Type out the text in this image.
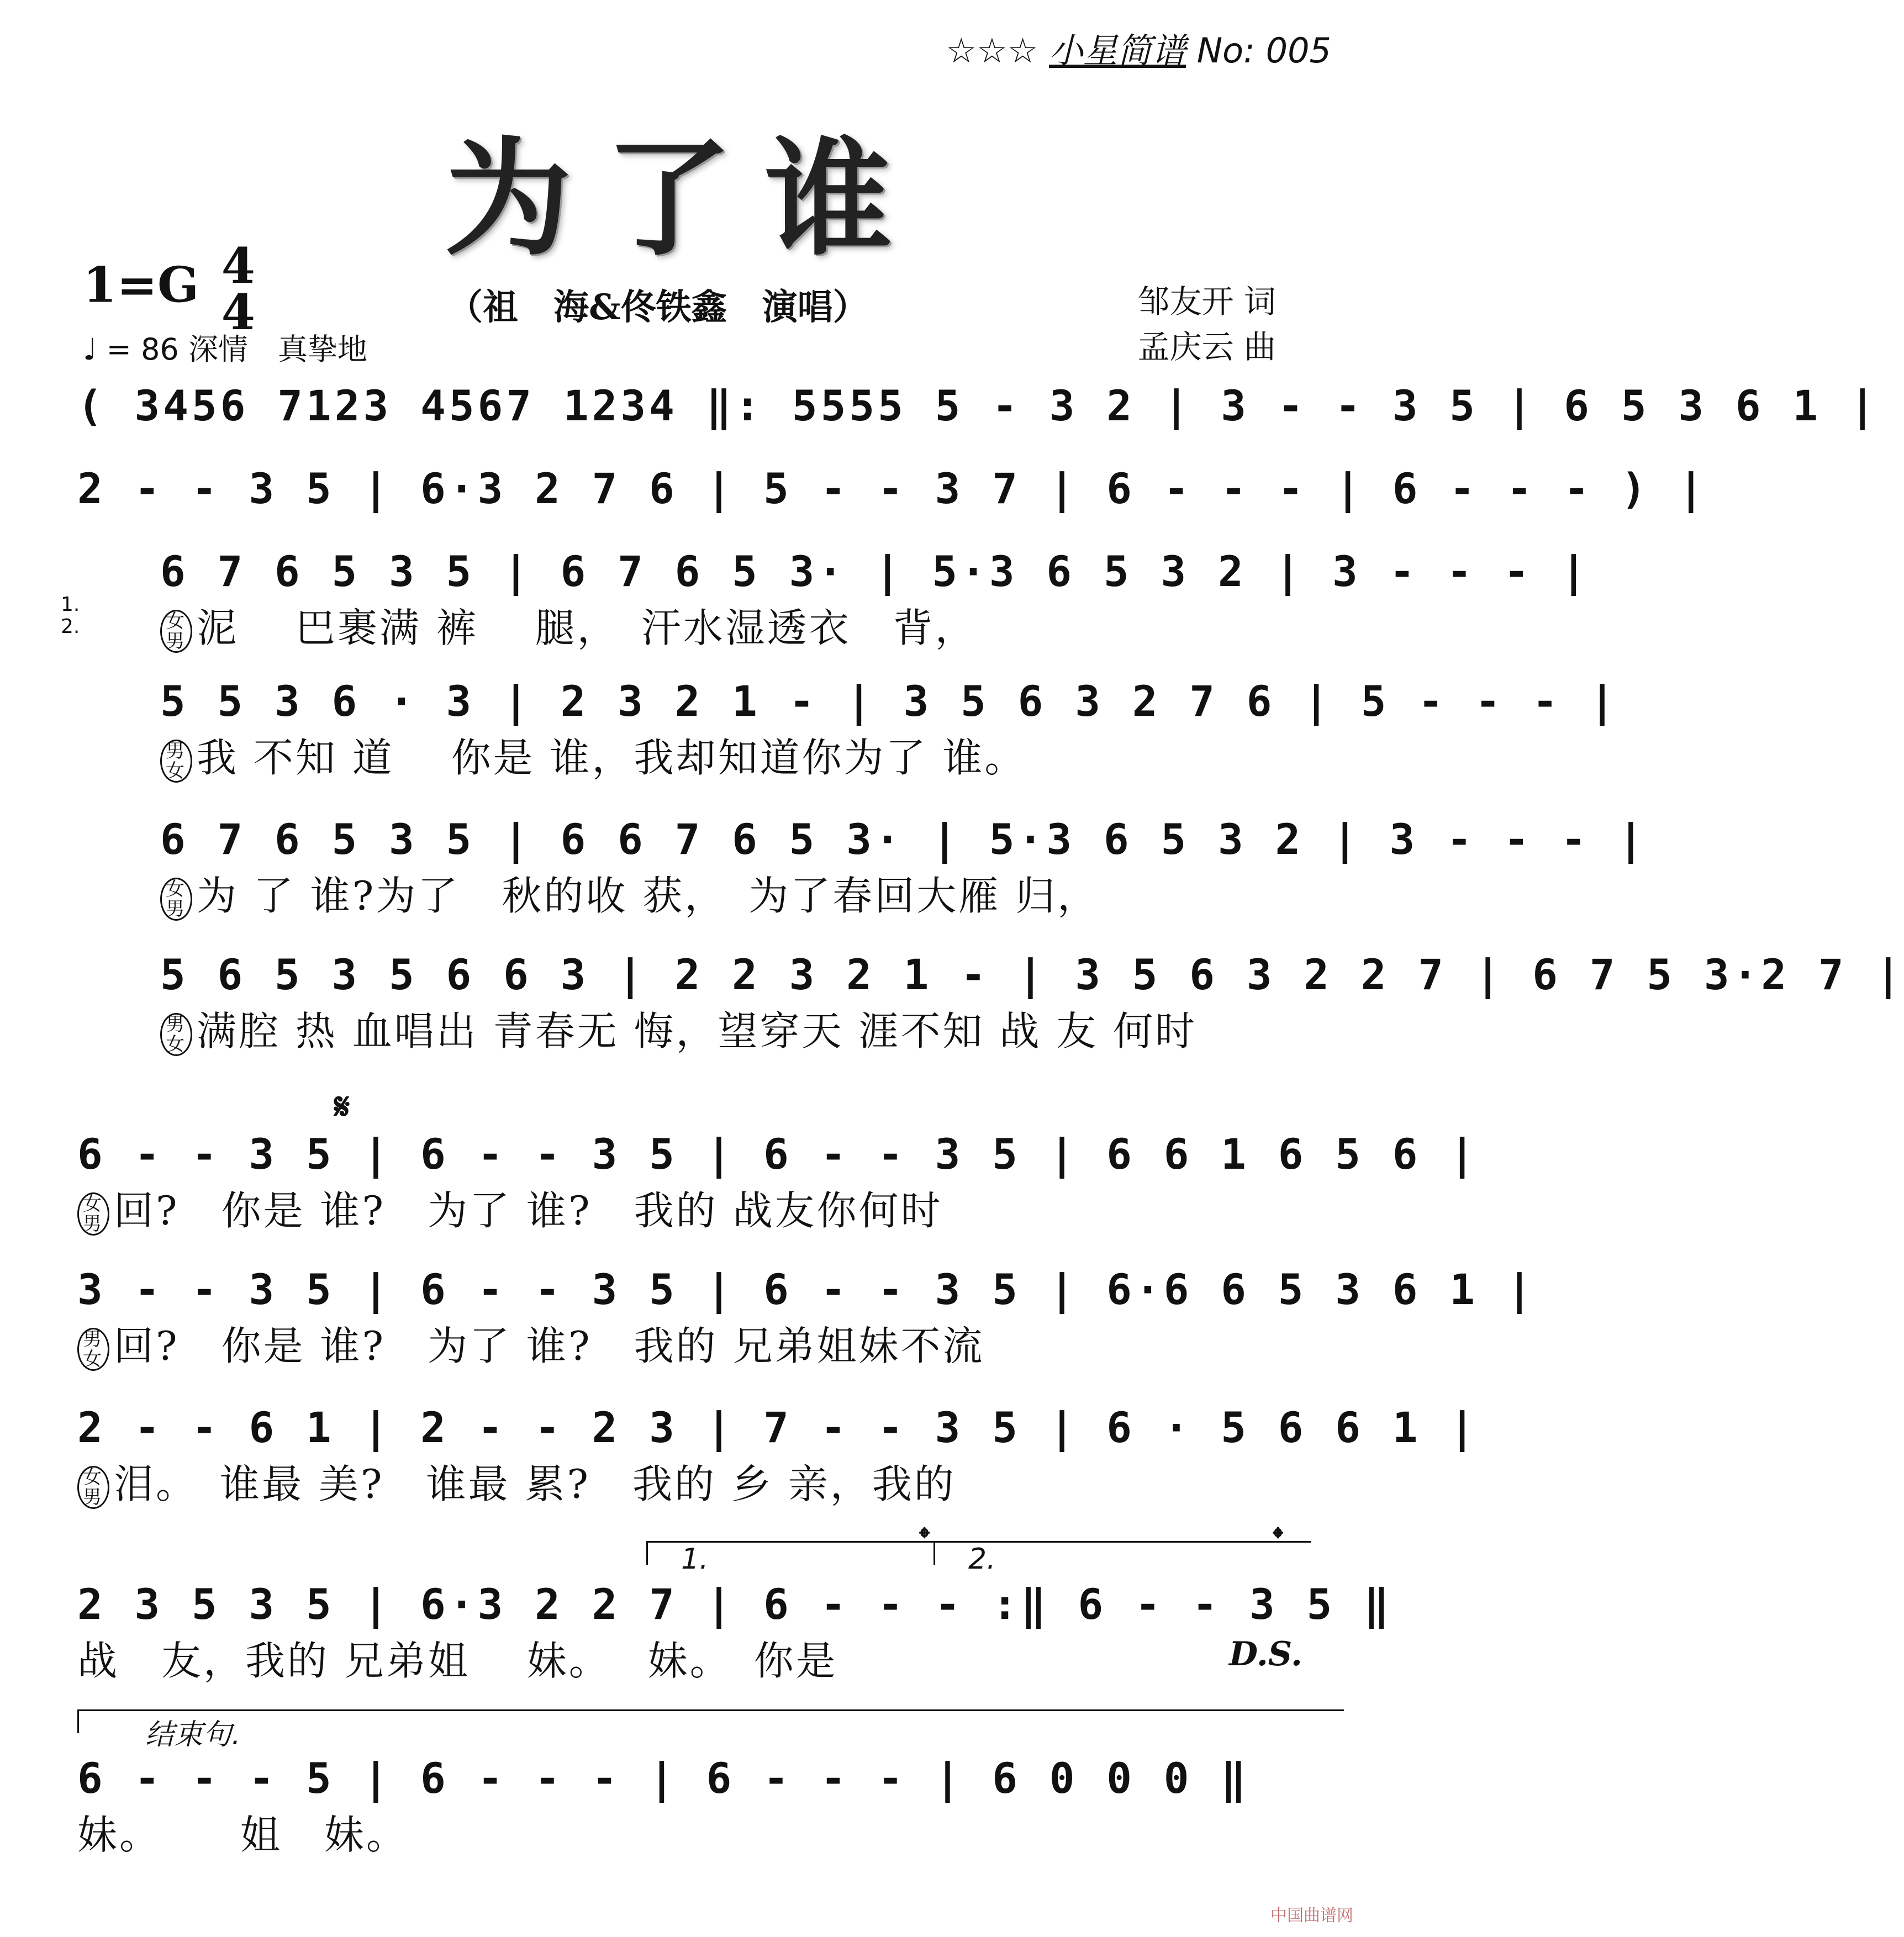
☆☆☆ 小星简谱 No: 005
为了谁
1=G 4
4
♩ = 86 深情　真挚地
（祖　海&佟铁鑫　演唱）	邹友开 词
孟庆云 曲
( 3456 7123 4567 1234 ‖: 5555 5 - 3 2 | 3 - - 3 5 | 6 5 3 6 1 |
2 - - 3 5 | 6·3 2 7 6 | 5 - - 3 7 | 6 - - - | 6 - - - ) |
1.
2.
6 7 6 5 3 5 | 6 7 6 5 3· | 5·3 6 5 3 2 | 3 - - - |
女
男 泥　 巴裹满 裤　 腿，　汗水湿透衣　背，
5 5 3 6 · 3 | 2 3 2 1 - | 3 5 6 3 2 7 6 | 5 - - - |
男
女 我 不知 道　 你是 谁，我却知道你为了 谁。
6 7 6 5 3 5 | 6 6 7 6 5 3· | 5·3 6 5 3 2 | 3 - - - |
女
男 为 了 谁?为了　秋的收 获，　为了春回大雁 归，
5 6 5 3 5 6 6 3 | 2 2 3 2 1 - | 3 5 6 3 2 2 7 | 6 7 5 3·2 7 |
男
女 满腔 热 血唱出 青春无 悔，望穿天 涯不知 战 友 何时
𝄋
6 - - 3 5 | 6 - - 3 5 | 6 - - 3 5 | 6 6 1 6 5 6 |
女
男 回?　你是 谁?　为了 谁?　我的 战友你何时
3 - - 3 5 | 6 - - 3 5 | 6 - - 3 5 | 6·6 6 5 3 6 1 |
男
女 回?　你是 谁?　为了 谁?　我的 兄弟姐妹不流
2 - - 6 1 | 2 - - 2 3 | 7 - - 3 5 | 6 · 5 6 6 1 |
女
男 泪。　谁最 美?　谁最 累?　我的 乡 亲，我的
1.	2.
𝄌	𝄌
2 3 5 3 5 | 6·3 2 2 7 | 6 - - - :‖ 6 - - 3 5 ‖
战　友，我的 兄弟姐　 妹。　 妹。　你是	D.S.
结束句.
6 - - - 5 | 6 - - - | 6 - - - | 6 0 0 0 ‖
妹。　　 姐　妹。
中国曲谱网
